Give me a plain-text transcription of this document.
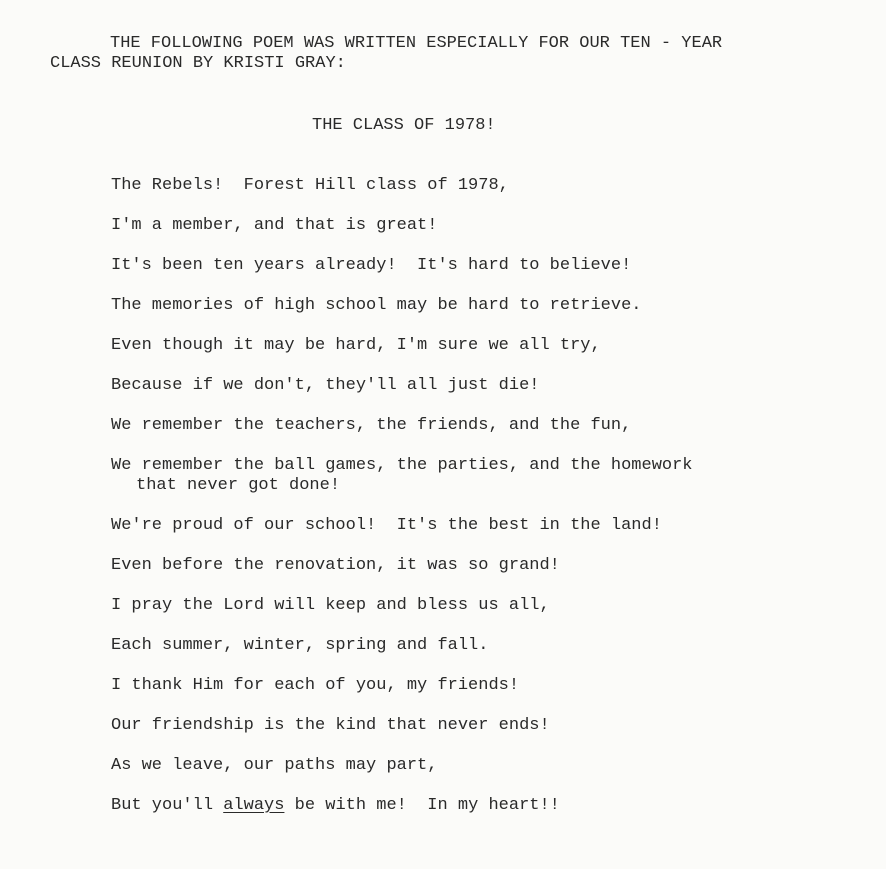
THE FOLLOWING POEM WAS WRITTEN ESPECIALLY FOR OUR TEN - YEAR
CLASS REUNION BY KRISTI GRAY:
THE CLASS OF 1978!
The Rebels!  Forest Hill class of 1978,
I'm a member, and that is great!
It's been ten years already!  It's hard to believe!
The memories of high school may be hard to retrieve.
Even though it may be hard, I'm sure we all try,
Because if we don't, they'll all just die!
We remember the teachers, the friends, and the fun,
We remember the ball games, the parties, and the homework
that never got done!
We're proud of our school!  It's the best in the land!
Even before the renovation, it was so grand!
I pray the Lord will keep and bless us all,
Each summer, winter, spring and fall.
I thank Him for each of you, my friends!
Our friendship is the kind that never ends!
As we leave, our paths may part,
But you'll always be with me!  In my heart!!
